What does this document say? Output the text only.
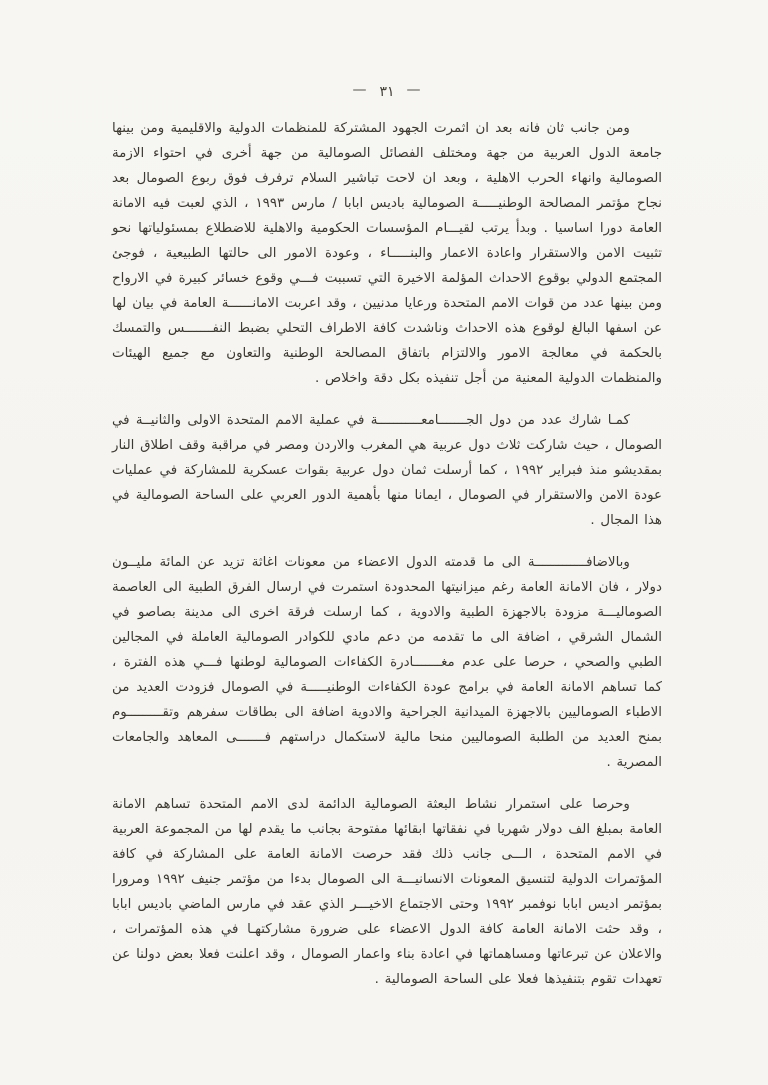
—٣١—

ومن جانب ثان فانه بعد ان اثمرت الجهود المشتركة للمنظمات الدولية والاقليمية ومن بينها جامعة الدول العربية من جهة ومختلف الفصائل الصومالية من جهة أخرى في احتواء الازمة الصومالية وانهاء الحرب الاهلية ، وبعد ان لاحت تباشير السلام ترفرف فوق ربوع الصومال بعد نجاح مؤتمر المصالحة الوطنيـــــة الصومالية باديس ابابا / مارس ١٩٩٣ ، الذي لعبت فيه الامانة العامة دورا اساسيا . وبدأ يرتب لقيـــام المؤسسات الحكومية والاهلية للاضطلاع بمسئولياتها نحو تثبيت الامن والاستقرار واعادة الاعمار والبنـــــاء ، وعودة الامور الى حالتها الطبيعية ، فوجئ المجتمع الدولي بوقوع الاحداث المؤلمة الاخيرة التي تسببت فـــي وقوع خسائر كبيرة في الارواح ومن بينها عدد من قوات الامم المتحدة ورعايا مدنيين ، وقد اعربت الامانــــــة العامة في بيان لها عن اسفها البالغ لوقوع هذه الاحداث وناشدت كافة الاطراف التحلي بضبط النفـــــــس والتمسك بالحكمة في معالجة الامور والالتزام باتفاق المصالحة الوطنية والتعاون مع جميع الهيئات والمنظمات الدولية المعنية من أجل تنفيذه بكل دقة واخلاص .

كمـا شارك عدد من دول الجـــــــامعـــــــــــة في عملية الامم المتحدة الاولى والثانيــة في الصومال ، حيث شاركت ثلاث دول عربية هي المغرب والاردن ومصر في مراقبة وقف اطلاق النار بمقديشو منذ فبراير ١٩٩٢ ، كما أرسلت ثمان دول عربية بقوات عسكرية للمشاركة في عمليات عودة الامن والاستقرار في الصومال ، ايمانا منها بأهمية الدور العربي على الساحة الصومالية في هذا المجال .

وبالاضافـــــــــــــة الى ما قدمته الدول الاعضاء من معونات اغاثة تزيد عن المائة مليــون دولار ، فان الامانة العامة رغم ميزانيتها المحدودة استمرت في ارسال الفرق الطبية الى العاصمة الصوماليـــة مزودة بالاجهزة الطبية والادوية ، كما ارسلت فرقة اخرى الى مدينة بصاصو في الشمال الشرقي ، اضافة الى ما تقدمه من دعم مادي للكوادر الصومالية العاملة في المجالين الطبي والصحي ، حرصا على عدم مغـــــــادرة الكفاءات الصومالية لوطنها فـــي هذه الفترة ، كما تساهم الامانة العامة في برامج عودة الكفاءات الوطنيـــــة في الصومال فزودت العديد من الاطباء الصوماليين بالاجهزة الميدانية الجراحية والادوية اضافة الى بطاقات سفرهم وتقـــــــــوم بمنح العديد من الطلبة الصوماليين منحا مالية لاستكمال دراستهم فـــــــى المعاهد والجامعات المصرية .

وحرصا على استمرار نشاط البعثة الصومالية الدائمة لدى الامم المتحدة تساهم الامانة العامة بمبلغ الف دولار شهريا في نفقاتها ابقائها مفتوحة بجانب ما يقدم لها من المجموعة العربية في الامم المتحدة ، الـــى جانب ذلك فقد حرصت الامانة العامة على المشاركة في كافة المؤتمرات الدولية لتنسيق المعونات الانسانيـــة الى الصومال بدءا من مؤتمر جنيف ١٩٩٢ ومرورا بمؤتمر اديس ابابا نوفمبر ١٩٩٢ وحتى الاجتماع الاخيـــر الذي عقد في مارس الماضي باديس ابابا ، وقد حثت الامانة العامة كافة الدول الاعضاء على ضرورة مشاركتهـا في هذه المؤتمرات ، والاعلان عن تبرعاتها ومساهماتها في اعادة بناء واعمار الصومال ، وقد اعلنت فعلا بعض دولنا عن تعهدات تقوم بتنفيذها فعلا على الساحة الصومالية .
